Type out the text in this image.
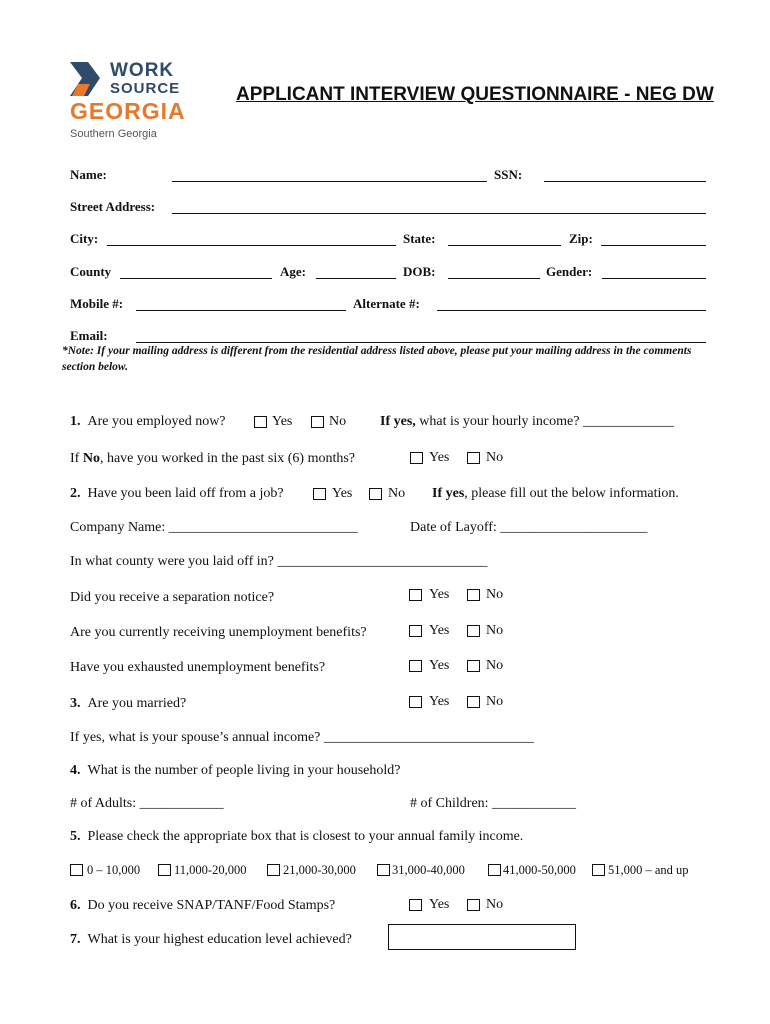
WORK
SOURCE
GEORGIA
Southern Georgia
APPLICANT INTERVIEW QUESTIONNAIRE - NEG DW
Name:	SSN:
Street Address:
City:	State:	Zip:
County	Age:	DOB:	Gender:
Mobile #:	Alternate #:
Email:
*Note: If your mailing address is different from the residential address listed above, please put your mailing address in the comments section below.
1. Are you employed now?	Yes	No If yes, what is your hourly income? _____________
If No, have you worked in the past six (6) months?	Yes	No
2. Have you been laid off from a job?	Yes	No If yes, please fill out the below information.
Company Name: ___________________________	Date of Layoff: _____________________
In what county were you laid off in? ______________________________
Did you receive a separation notice?	Yes	No
Are you currently receiving unemployment benefits?	Yes	No
Have you exhausted unemployment benefits?	Yes	No
3. Are you married?	Yes	No
If yes, what is your spouse’s annual income? ______________________________
4. What is the number of people living in your household?
# of Adults: ____________	# of Children: ____________
5. Please check the appropriate box that is closest to your annual family income.
0 – 10,000	11,000-20,000	21,000-30,000	31,000-40,000	41,000-50,000	51,000 – and up
6. Do you receive SNAP/TANF/Food Stamps?	Yes	No
7. What is your highest education level achieved?
